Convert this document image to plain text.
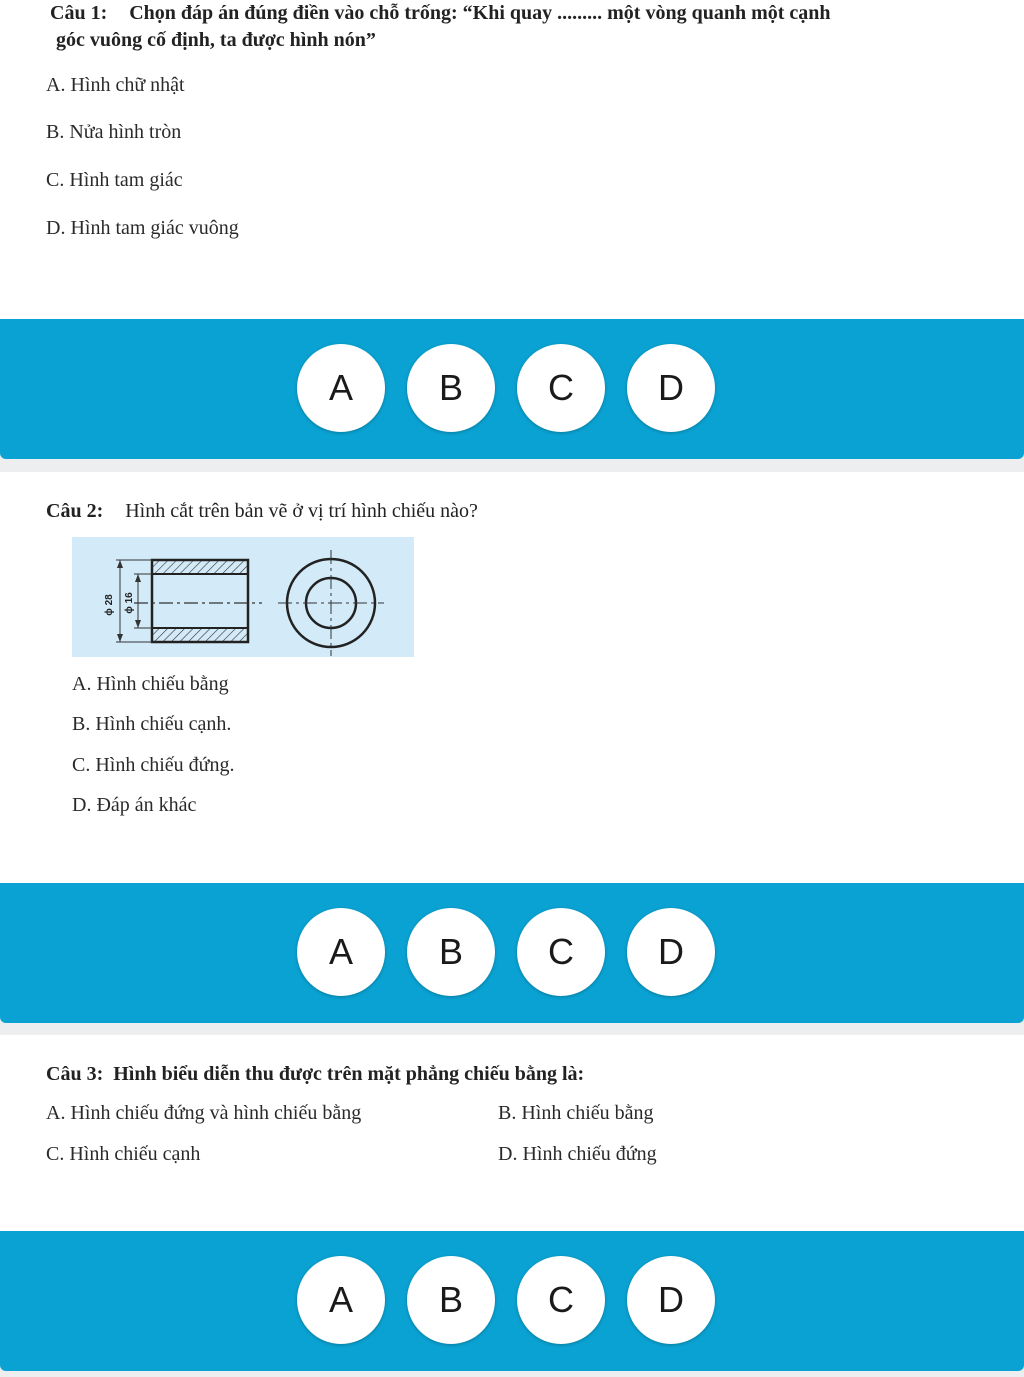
Câu 1: Chọn đáp án đúng điền vào chỗ trống: “Khi quay ......... một vòng quanh một cạnh
góc vuông cố định, ta được hình nón”
A. Hình chữ nhật
B. Nửa hình tròn
C. Hình tam giác
D. Hình tam giác vuông
A	B	C	D
Câu 2: Hình cắt trên bản vẽ ở vị trí hình chiếu nào?
A. Hình chiếu bằng
B. Hình chiếu cạnh.
C. Hình chiếu đứng.
D. Đáp án khác
ϕ 28 ϕ 16
A	B	C	D
Câu 3: Hình biểu diễn thu được trên mặt phẳng chiếu bằng là:
A. Hình chiếu đứng và hình chiếu bằng	B. Hình chiếu bằng
C. Hình chiếu cạnh	D. Hình chiếu đứng
A	B	C	D
